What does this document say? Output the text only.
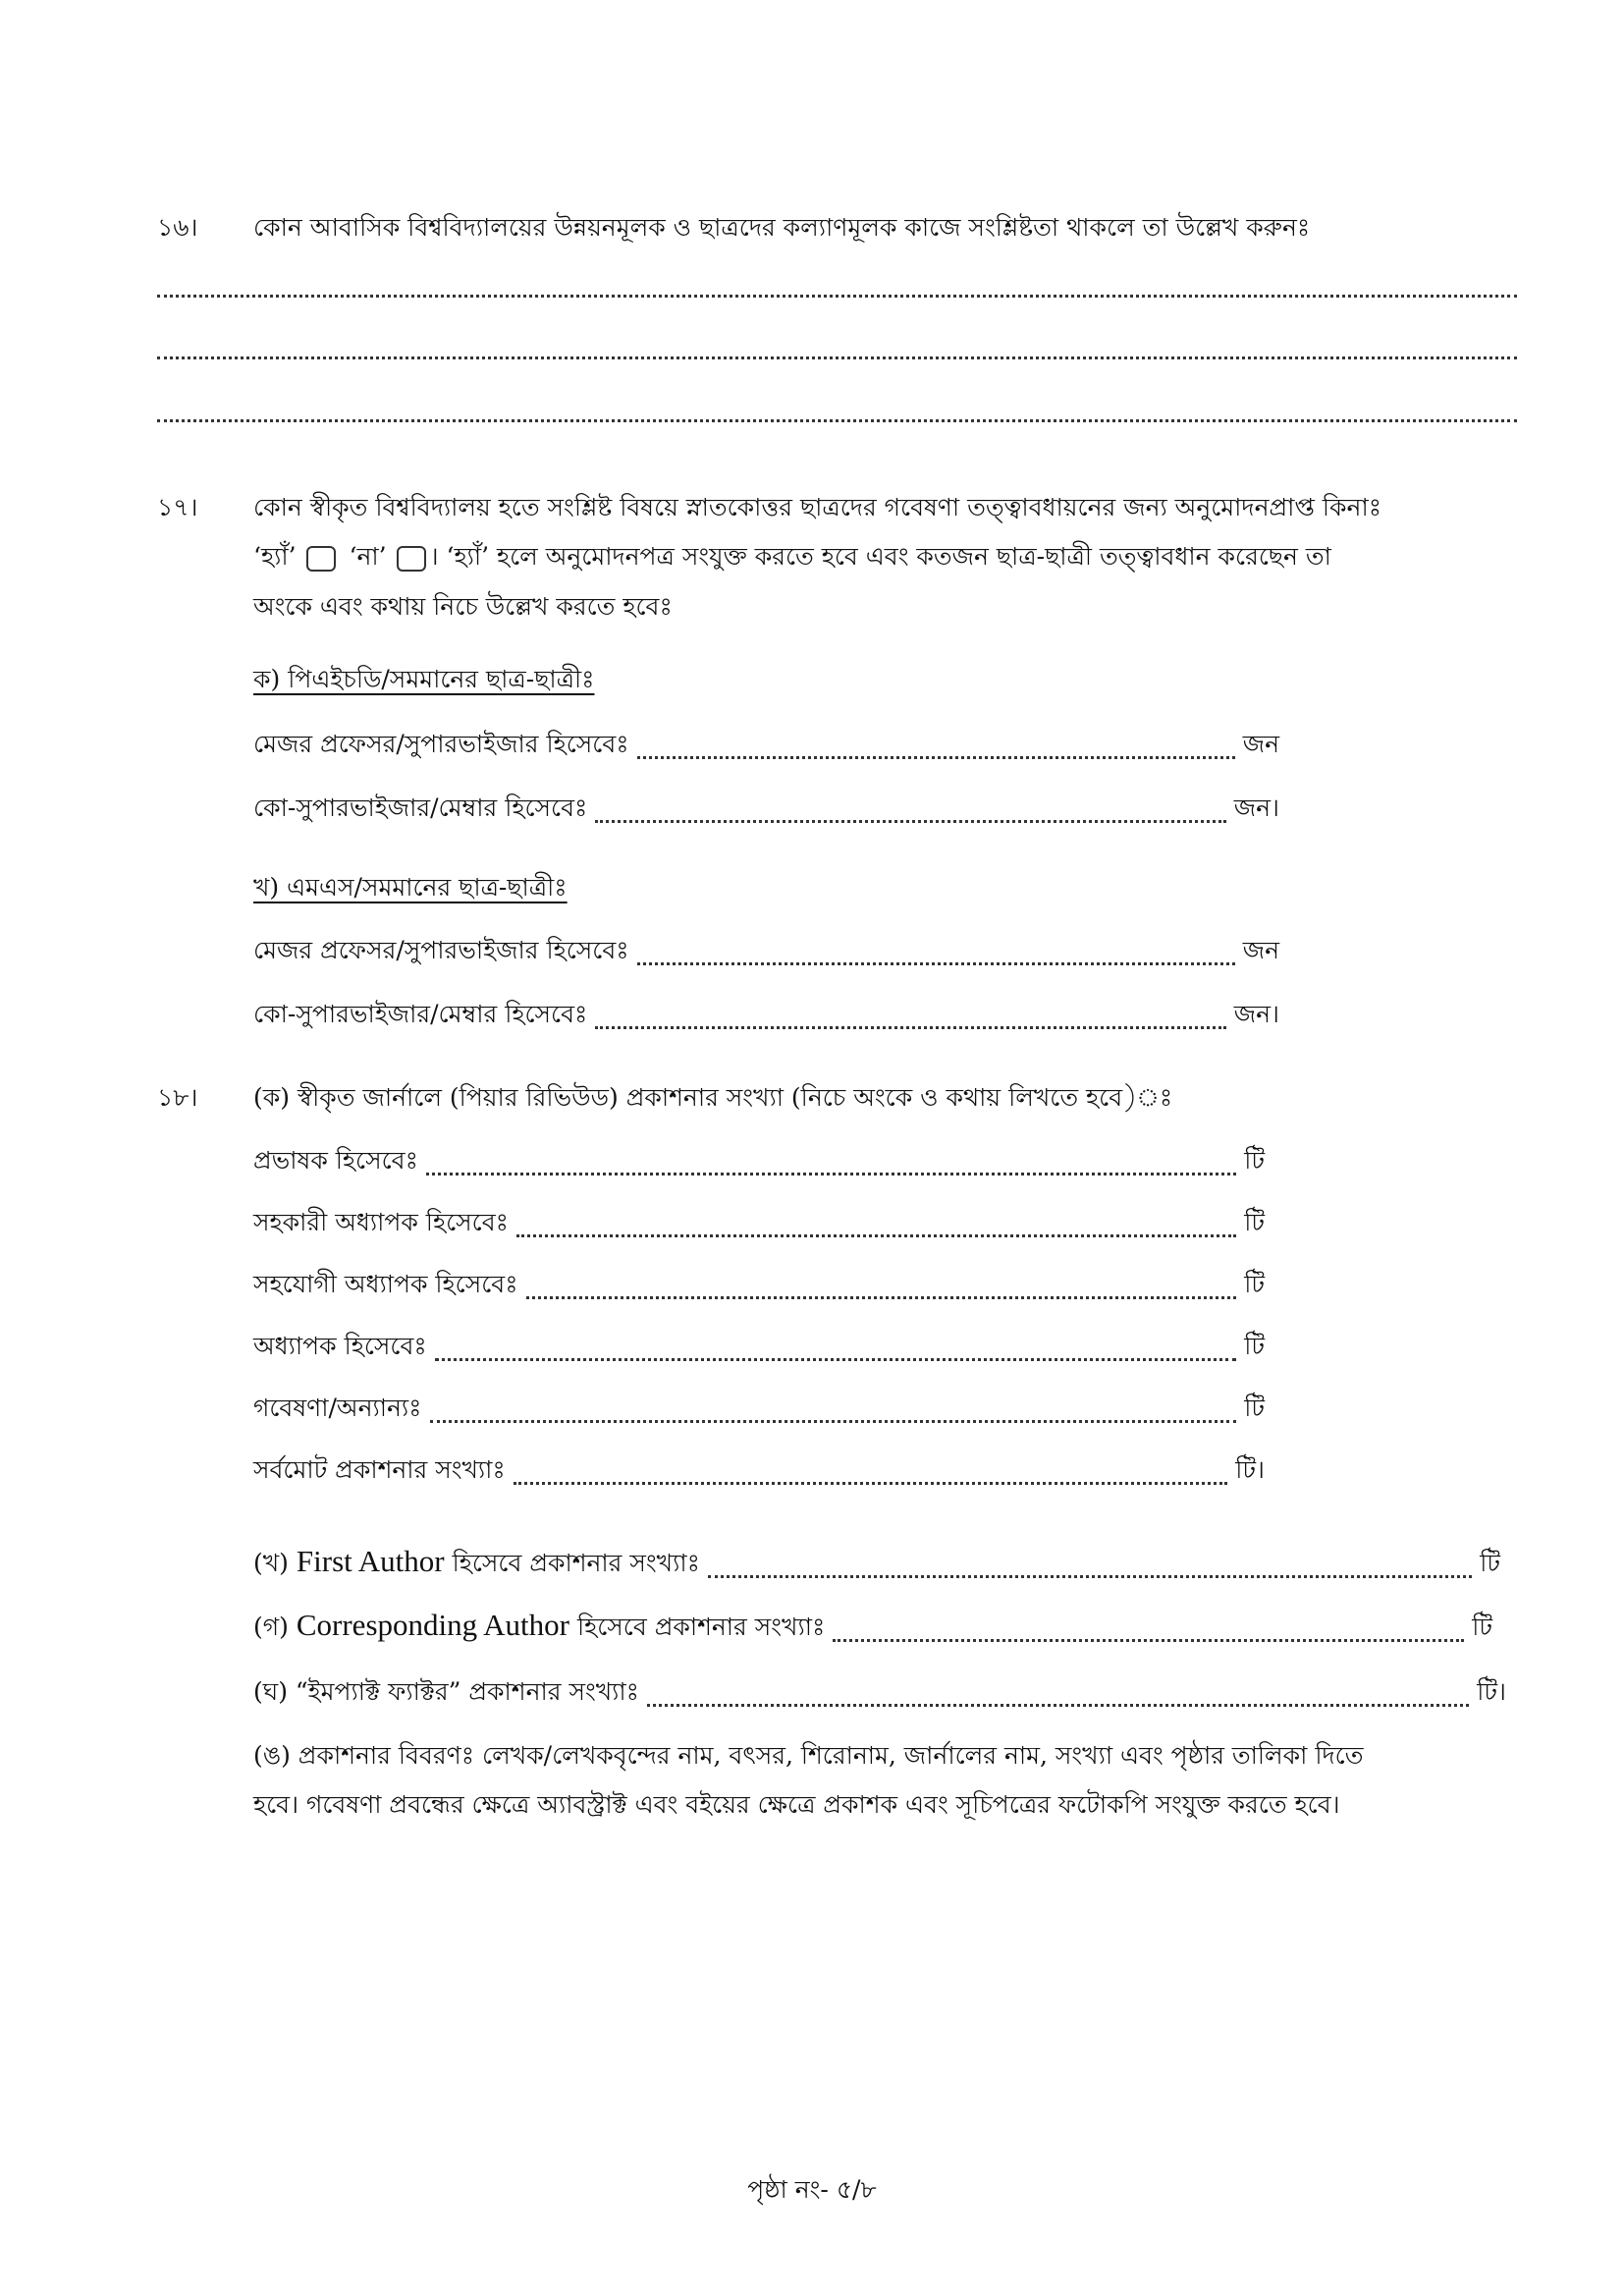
১৬। কোন আবাসিক বিশ্ববিদ্যালয়ের উন্নয়নমূলক ও ছাত্রদের কল্যাণমূলক কাজে সংশ্লিষ্টতা থাকলে তা উল্লেখ করুনঃ
১৭। কোন স্বীকৃত বিশ্ববিদ্যালয় হতে সংশ্লিষ্ট বিষয়ে স্নাতকোত্তর ছাত্রদের গবেষণা তত্ত্বাবধায়নের জন্য অনুমোদনপ্রাপ্ত কিনাঃ
‘হ্যাঁ’ ‘না’ । ‘হ্যাঁ’ হলে অনুমোদনপত্র সংযুক্ত করতে হবে এবং কতজন ছাত্র-ছাত্রী তত্ত্বাবধান করেছেন তা
অংকে এবং কথায় নিচে উল্লেখ করতে হবেঃ
ক) পিএইচডি/সমমানের ছাত্র-ছাত্রীঃ
মেজর প্রফেসর/সুপারভাইজার হিসেবেঃ	জন
কো-সুপারভাইজার/মেম্বার হিসেবেঃ	জন।
খ) এমএস/সমমানের ছাত্র-ছাত্রীঃ
মেজর প্রফেসর/সুপারভাইজার হিসেবেঃ	জন
কো-সুপারভাইজার/মেম্বার হিসেবেঃ	জন।
১৮। (ক) স্বীকৃত জার্নালে (পিয়ার রিভিউড) প্রকাশনার সংখ্যা (নিচে অংকে ও কথায় লিখতে হবে)ঃ
প্রভাষক হিসেবেঃ	টি
সহকারী অধ্যাপক হিসেবেঃ	টি
সহযোগী অধ্যাপক হিসেবেঃ	টি
অধ্যাপক হিসেবেঃ	টি
গবেষণা/অন্যান্যঃ	টি
সর্বমোট প্রকাশনার সংখ্যাঃ	টি।
(খ) First Author হিসেবে প্রকাশনার সংখ্যাঃ	টি
(গ) Corresponding Author হিসেবে প্রকাশনার সংখ্যাঃ	টি
(ঘ) “ইমপ্যাক্ট ফ্যাক্টর” প্রকাশনার সংখ্যাঃ	টি।
(ঙ) প্রকাশনার বিবরণঃ লেখক/লেখকবৃন্দের নাম, বৎসর, শিরোনাম, জার্নালের নাম, সংখ্যা এবং পৃষ্ঠার তালিকা দিতে
হবে। গবেষণা প্রবন্ধের ক্ষেত্রে অ্যাবস্ট্রাক্ট এবং বইয়ের ক্ষেত্রে প্রকাশক এবং সূচিপত্রের ফটোকপি সংযুক্ত করতে হবে।
পৃষ্ঠা নং- ৫/৮
